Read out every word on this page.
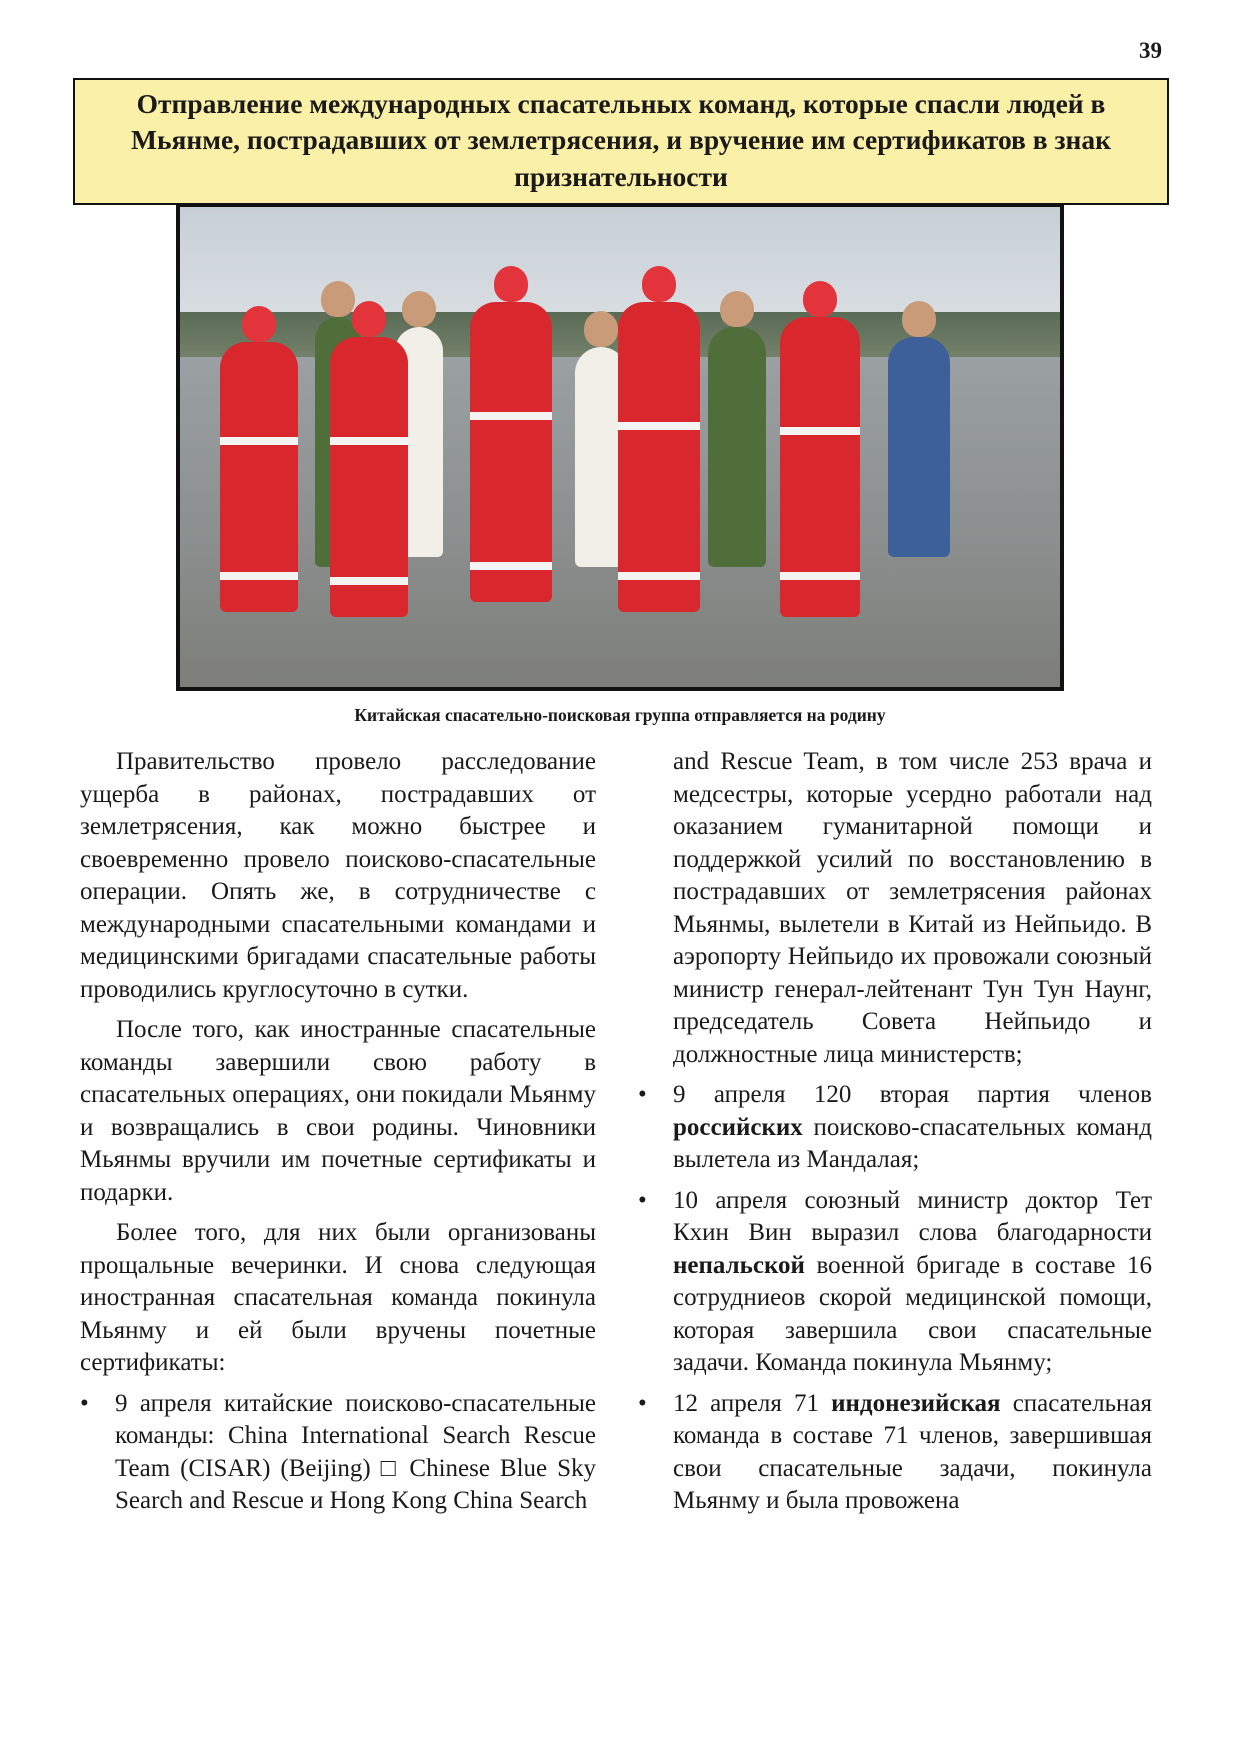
39
Отправление международных спасательных команд, которые спасли людей в Мьянме, пострадавших от землетрясения, и вручение им сертификатов в знак признательности
Китайская спасательно-поисковая группа отправляется на родину

Правительство провело расследование ущерба в районах, пострадавших от землетрясения, как можно быстрее и своевременно провело поисково-спасательные операции. Опять же, в сотрудничестве с международными спасательными командами и медицинскими бригадами спасательные работы проводились круглосуточно в сутки.

После того, как иностранные спасательные команды завершили свою работу в спасательных операциях, они покидали Мьянму и возвращались в свои родины. Чиновники Мьянмы вручили им почетные сертификаты и подарки.

Более того, для них были организованы прощальные вечеринки. И снова следующая иностранная спасательная команда покинула Мьянму и ей были вручены почетные сертификаты:

• 9 апреля китайские поисково-спасательные команды: China International Search Rescue Team (CISAR) (Beijing) □ Chinese Blue Sky Search and Rescue и Hong Kong China Search

and Rescue Team, в том числе 253 врача и медсестры, которые усердно работали над оказанием гуманитарной помощи и поддержкой усилий по восстановлению в пострадавших от землетрясения районах Мьянмы, вылетели в Китай из Нейпьидо. В аэропорту Нейпьидо их провожали союзный министр генерал-лейтенант Тун Тун Наунг, председатель Совета Нейпьидо и должностные лица министерств;

• 9 апреля 120 вторая партия членов российских поисково-спасательных команд вылетела из Мандалая;
• 10 апреля союзный министр доктор Тет Кхин Вин выразил слова благодарности непальской военной бригаде в составе 16 сотрудниеов скорой медицинской помощи, которая завершила свои спасательные задачи. Команда покинула Мьянму;
• 12 апреля 71 индонезийская спасательная команда в составе 71 членов, завершившая свои спасательные задачи, покинула Мьянму и была провожена
